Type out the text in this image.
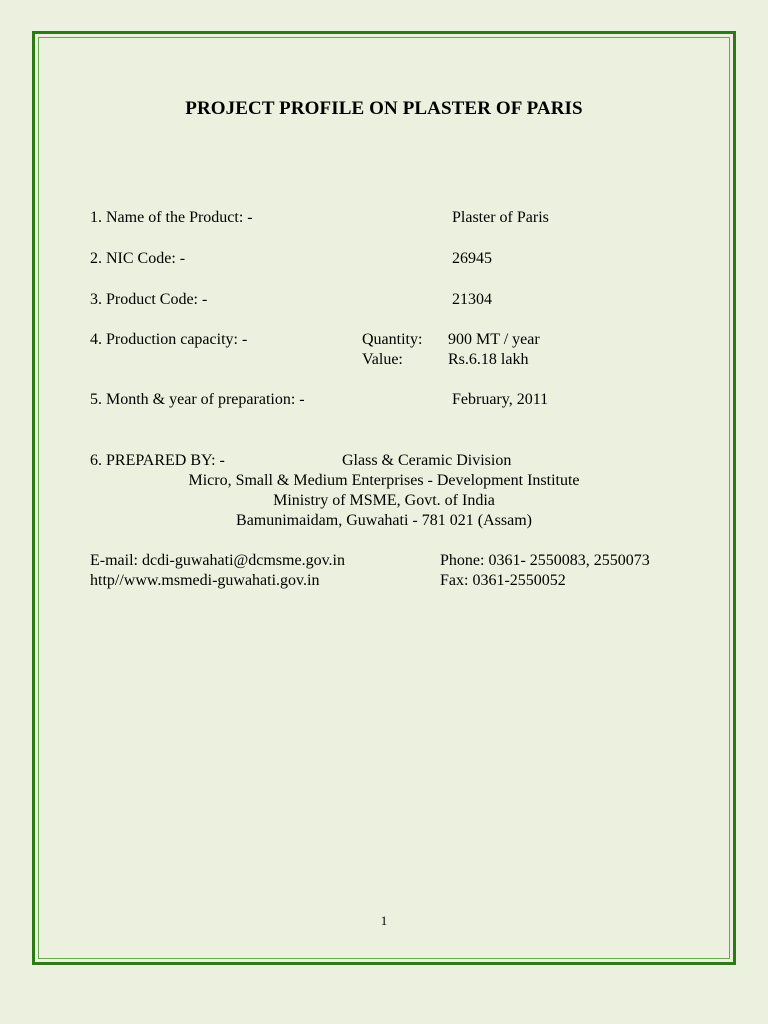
PROJECT PROFILE ON PLASTER OF PARIS
1. Name of the Product: -	Plaster of Paris
2. NIC Code: -	26945
3. Product Code: -	21304
4. Production capacity: -	Quantity: 900 MT / year
Value:	Rs.6.18 lakh
5. Month & year of preparation: -	February, 2011
6. PREPARED BY: -	Glass & Ceramic Division
Micro, Small & Medium Enterprises - Development Institute
Ministry of MSME, Govt. of India
Bamunimaidam, Guwahati - 781 021 (Assam)
E-mail: dcdi-guwahati@dcmsme.gov.in	Phone: 0361- 2550083, 2550073
http//www.msmedi-guwahati.gov.in	Fax: 0361-2550052
1
